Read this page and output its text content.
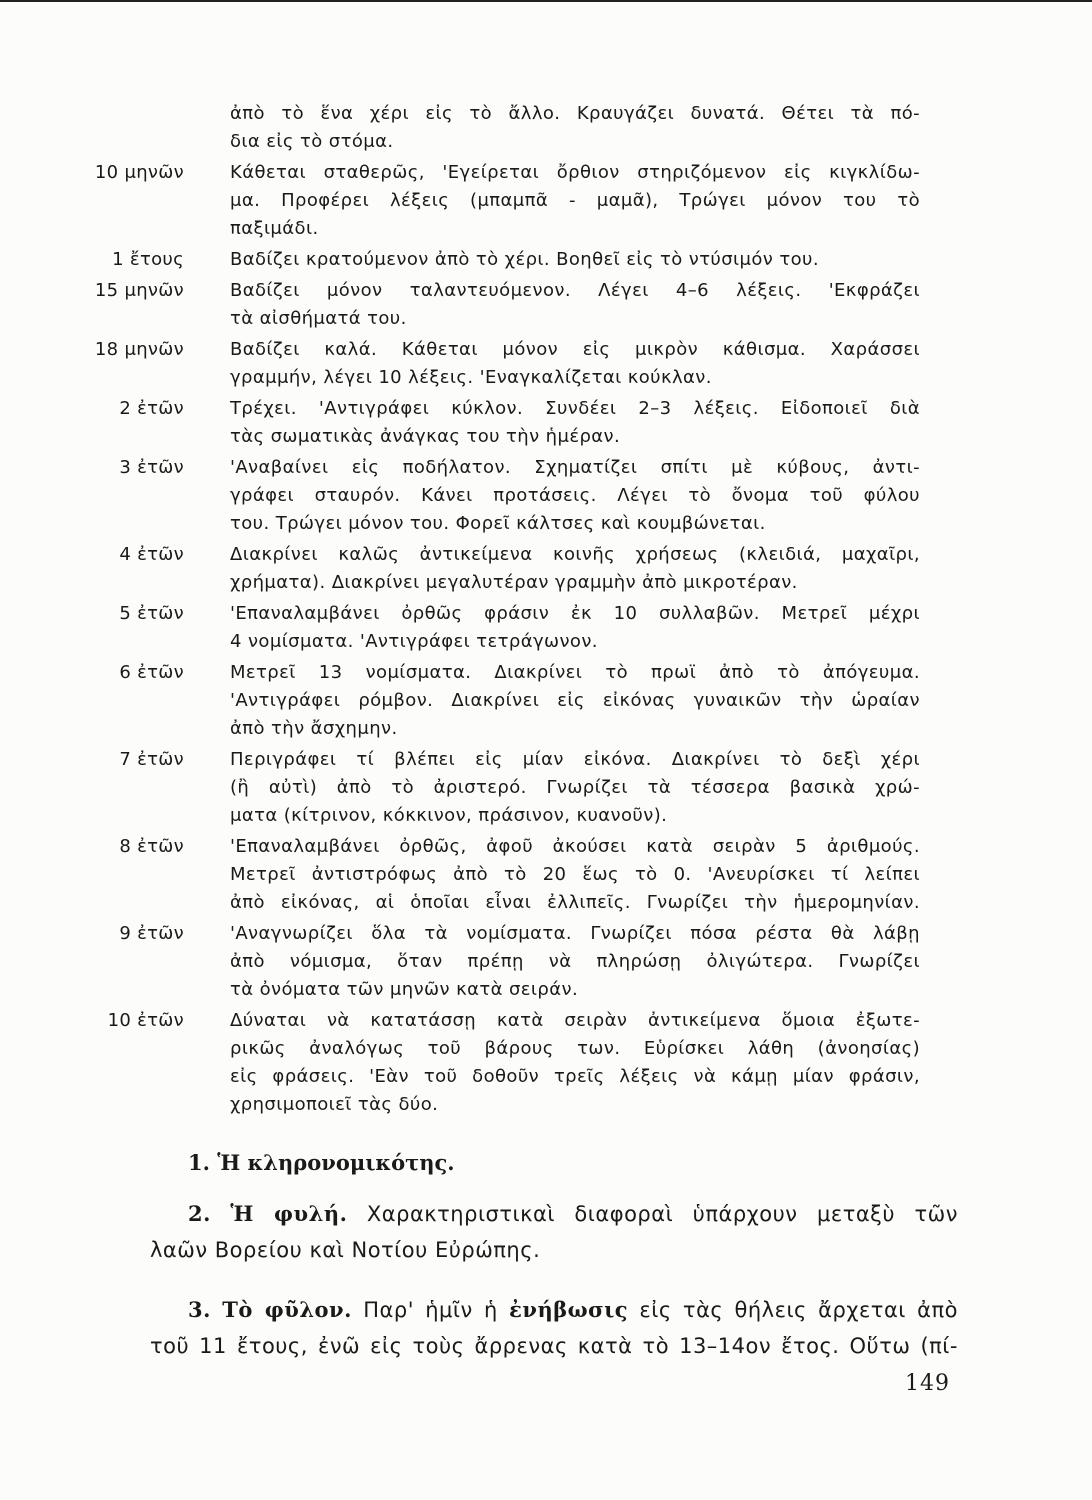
ἀπὸ τὸ ἕνα χέρι εἰς τὸ ἄλλο. Κραυγάζει δυνατά. Θέτει τὰ πό-
δια εἰς τὸ στόμα.
10 μηνῶν	Κάθεται σταθερῶς, 'Εγείρεται ὄρθιον στηριζόμενον εἰς κιγκλίδω-
μα. Προφέρει λέξεις (μπαμπᾶ - μαμᾶ), Τρώγει μόνον του τὸ
παξιμάδι.
1 ἔτους	Βαδίζει κρατούμενον ἀπὸ τὸ χέρι. Βοηθεῖ εἰς τὸ ντύσιμόν του.
15 μηνῶν	Βαδίζει μόνον ταλαντευόμενον. Λέγει 4–6 λέξεις. 'Εκφράζει
τὰ αἰσθήματά του.
18 μηνῶν	Βαδίζει καλά. Κάθεται μόνον εἰς μικρὸν κάθισμα. Χαράσσει
γραμμήν, λέγει 10 λέξεις. 'Εναγκαλίζεται κούκλαν.
2 ἐτῶν	Τρέχει. 'Αντιγράφει κύκλον. Συνδέει 2–3 λέξεις. Εἰδοποιεῖ διὰ
τὰς σωματικὰς ἀνάγκας του τὴν ἡμέραν.
3 ἐτῶν	'Αναβαίνει εἰς ποδήλατον. Σχηματίζει σπίτι μὲ κύβους, ἀντι-
γράφει σταυρόν. Κάνει προτάσεις. Λέγει τὸ ὄνομα τοῦ φύλου
του. Τρώγει μόνον του. Φορεῖ κάλτσες καὶ κουμβώνεται.
4 ἐτῶν	Διακρίνει καλῶς ἀντικείμενα κοινῆς χρήσεως (κλειδιά, μαχαῖρι,
χρήματα). Διακρίνει μεγαλυτέραν γραμμὴν ἀπὸ μικροτέραν.
5 ἐτῶν	'Επαναλαμβάνει ὀρθῶς φράσιν ἐκ 10 συλλαβῶν. Μετρεῖ μέχρι
4 νομίσματα. 'Αντιγράφει τετράγωνον.
6 ἐτῶν	Μετρεῖ 13 νομίσματα. Διακρίνει τὸ πρωϊ ἀπὸ τὸ ἀπόγευμα.
'Αντιγράφει ρόμβον. Διακρίνει εἰς εἰκόνας γυναικῶν τὴν ὡραίαν
ἀπὸ τὴν ἄσχημην.
7 ἐτῶν	Περιγράφει τί βλέπει εἰς μίαν εἰκόνα. Διακρίνει τὸ δεξὶ χέρι
(ἢ αὐτὶ) ἀπὸ τὸ ἀριστερό. Γνωρίζει τὰ τέσσερα βασικὰ χρώ-
ματα (κίτρινον, κόκκινον, πράσινον, κυανοῦν).
8 ἐτῶν	'Επαναλαμβάνει ὀρθῶς, ἀφοῦ ἀκούσει κατὰ σειρὰν 5 ἀριθμούς.
Μετρεῖ ἀντιστρόφως ἀπὸ τὸ 20 ἕως τὸ 0. 'Ανευρίσκει τί λείπει
ἀπὸ εἰκόνας, αἱ ὁποῖαι εἶναι ἐλλιπεῖς. Γνωρίζει τὴν ἡμερομηνίαν.
9 ἐτῶν	'Αναγνωρίζει ὅλα τὰ νομίσματα. Γνωρίζει πόσα ρέστα θὰ λάβῃ
ἀπὸ νόμισμα, ὅταν πρέπῃ νὰ πληρώσῃ ὀλιγώτερα. Γνωρίζει
τὰ ὀνόματα τῶν μηνῶν κατὰ σειράν.
10 ἐτῶν	Δύναται νὰ κατατάσσῃ κατὰ σειρὰν ἀντικείμενα ὅμοια ἐξωτε-
ρικῶς ἀναλόγως τοῦ βάρους των. Εὑρίσκει λάθη (ἀνοησίας)
εἰς φράσεις. 'Εὰν τοῦ δοθοῦν τρεῖς λέξεις νὰ κάμῃ μίαν φράσιν,
χρησιμοποιεῖ τὰς δύο.
1. Ἡ κληρονομικότης.
2. Ἡ φυλή. Χαρακτηριστικαὶ διαφοραὶ ὑπάρχουν μεταξὺ τῶν
λαῶν Βορείου καὶ Νοτίου Εὐρώπης.
3. Τὸ φῦλον. Παρ' ἡμῖν ἡ ἐνήβωσις εἰς τὰς θήλεις ἄρχεται ἀπὸ
τοῦ 11 ἔτους, ἐνῶ εἰς τοὺς ἄρρενας κατὰ τὸ 13–14ον ἔτος. Οὕτω (πί-
149
